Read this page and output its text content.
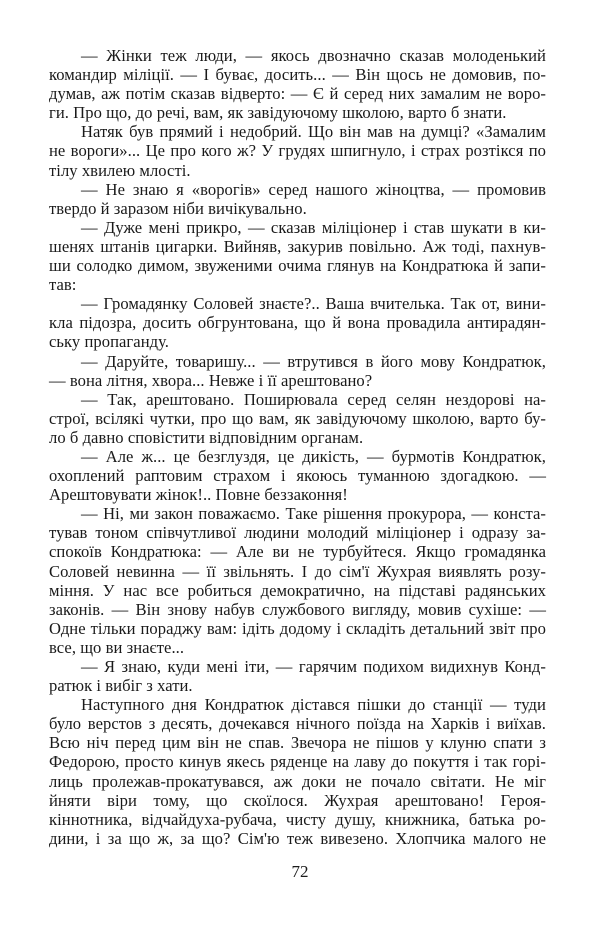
— Жінки теж люди, — якось двозначно сказав молоденький
командир міліції. — І буває, досить... — Він щось не домовив, по-
думав, аж потім сказав відверто: — Є й серед них замалим не воро-
ги. Про що, до речі, вам, як завідуючому школою, варто б знати.
Натяк був прямий і недобрий. Що він мав на думці? «Замалим
не вороги»... Це про кого ж? У грудях шпигнуло, і страх розтікся по
тілу хвилею млості.
— Не знаю я «ворогів» серед нашого жіноцтва, — промовив
твердо й заразом ніби вичікувально.
— Дуже мені прикро, — сказав міліціонер і став шукати в ки-
шенях штанів цигарки. Вийняв, закурив повільно. Аж тоді, пахнув-
ши солодко димом, звуженими очима глянув на Кондратюка й запи-
тав:
— Громадянку Соловей знаєте?.. Ваша вчителька. Так от, вини-
кла підозра, досить обгрунтована, що й вона провадила антирадян-
ську пропаганду.
— Даруйте, товаришу... — втрутився в його мову Кондратюк,
— вона літня, хвора... Невже і її арештовано?
— Так, арештовано. Поширювала серед селян нездорові на-
строї, всілякі чутки, про що вам, як завідуючому школою, варто бу-
ло б давно сповістити відповідним органам.
— Але ж... це безглуздя, це дикість, — бурмотів Кондратюк,
охоплений раптовим страхом і якоюсь туманною здогадкою. —
Арештовувати жінок!.. Повне беззаконня!
— Ні, ми закон поважаємо. Таке рішення прокурора, — конста-
тував тоном співчутливої людини молодий міліціонер і одразу за-
спокоїв Кондратюка: — Але ви не турбуйтеся. Якщо громадянка
Соловей невинна — її звільнять. І до сім'ї Жухрая виявлять розу-
міння. У нас все робиться демократично, на підставі радянських
законів. — Він знову набув службового вигляду, мовив сухіше: —
Одне тільки пораджу вам: ідіть додому і складіть детальний звіт про
все, що ви знаєте...
— Я знаю, куди мені іти, — гарячим подихом видихнув Конд-
ратюк і вибіг з хати.
Наступного дня Кондратюк дістався пішки до станції — туди
було верстов з десять, дочекався нічного поїзда на Харків і виїхав.
Всю ніч перед цим він не спав. Звечора не пішов у клуню спати з
Федорою, просто кинув якесь ряденце на лаву до покуття і так горі-
лиць пролежав-прокатувався, аж доки не почало світати. Не міг
йняти віри тому, що скоїлося. Жухрая арештовано! Героя-
кіннотника, відчайдуха-рубача, чисту душу, книжника, батька ро-
дини, і за що ж, за що? Сім'ю теж вивезено. Хлопчика малого не
72
